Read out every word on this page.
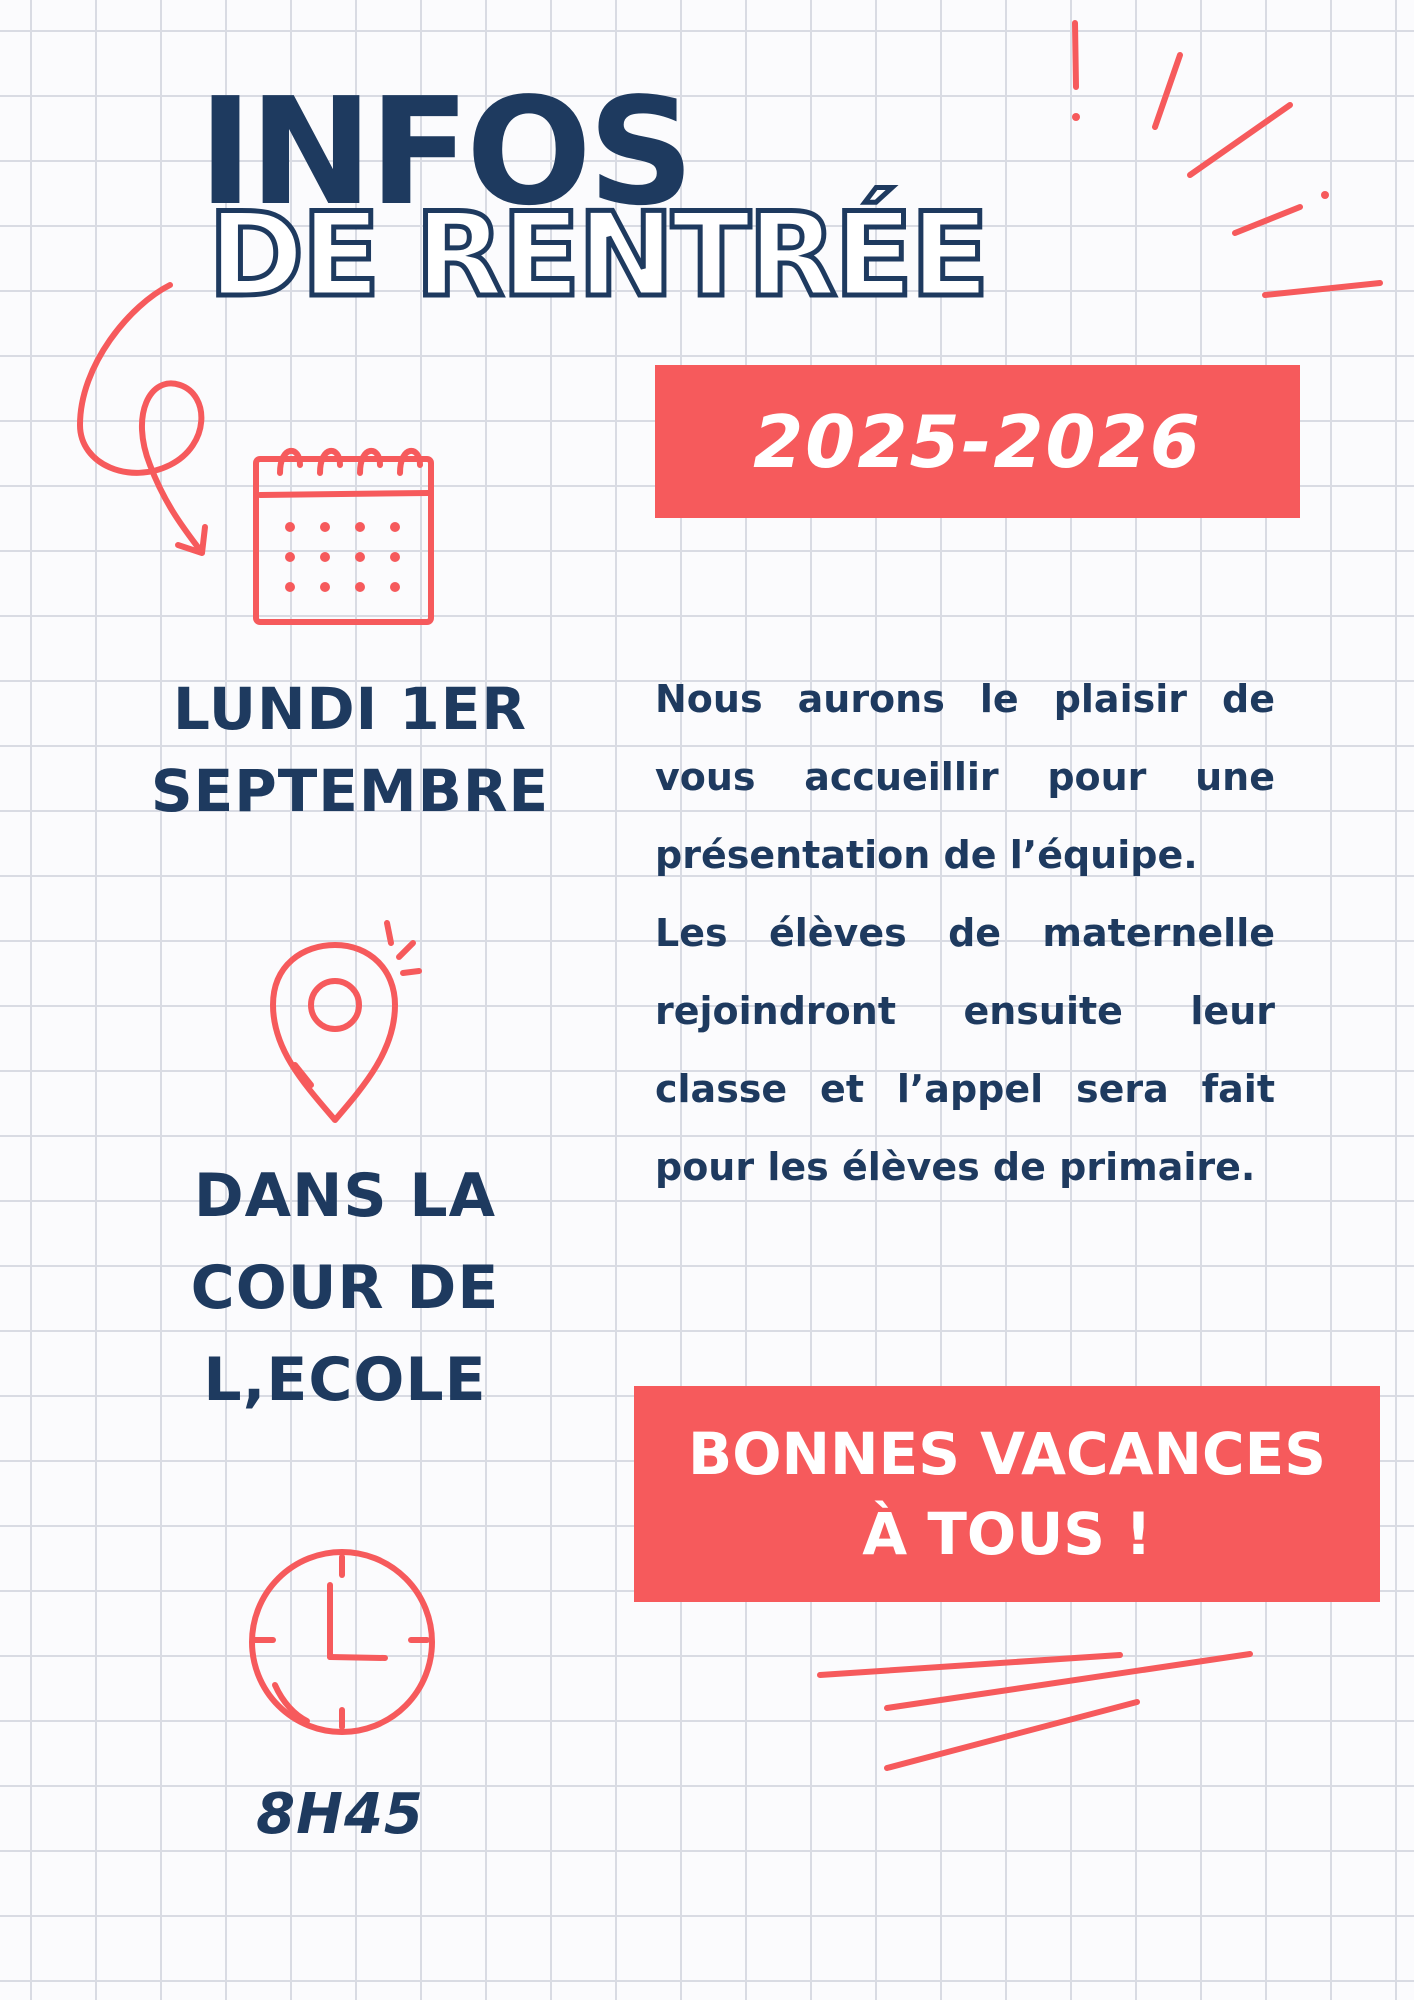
INFOS
DE RENTRÉE
2025-2026
LUNDI 1ER
SEPTEMBRE
DANS LA
COUR DE
L,ECOLE
8H45
Nous aurons le plaisir de vous accueillir pour une présentation de l’équipe.
Les élèves de maternelle rejoindront ensuite leur classe et l’appel sera fait pour les élèves de primaire.
BONNES VACANCES
À TOUS !
